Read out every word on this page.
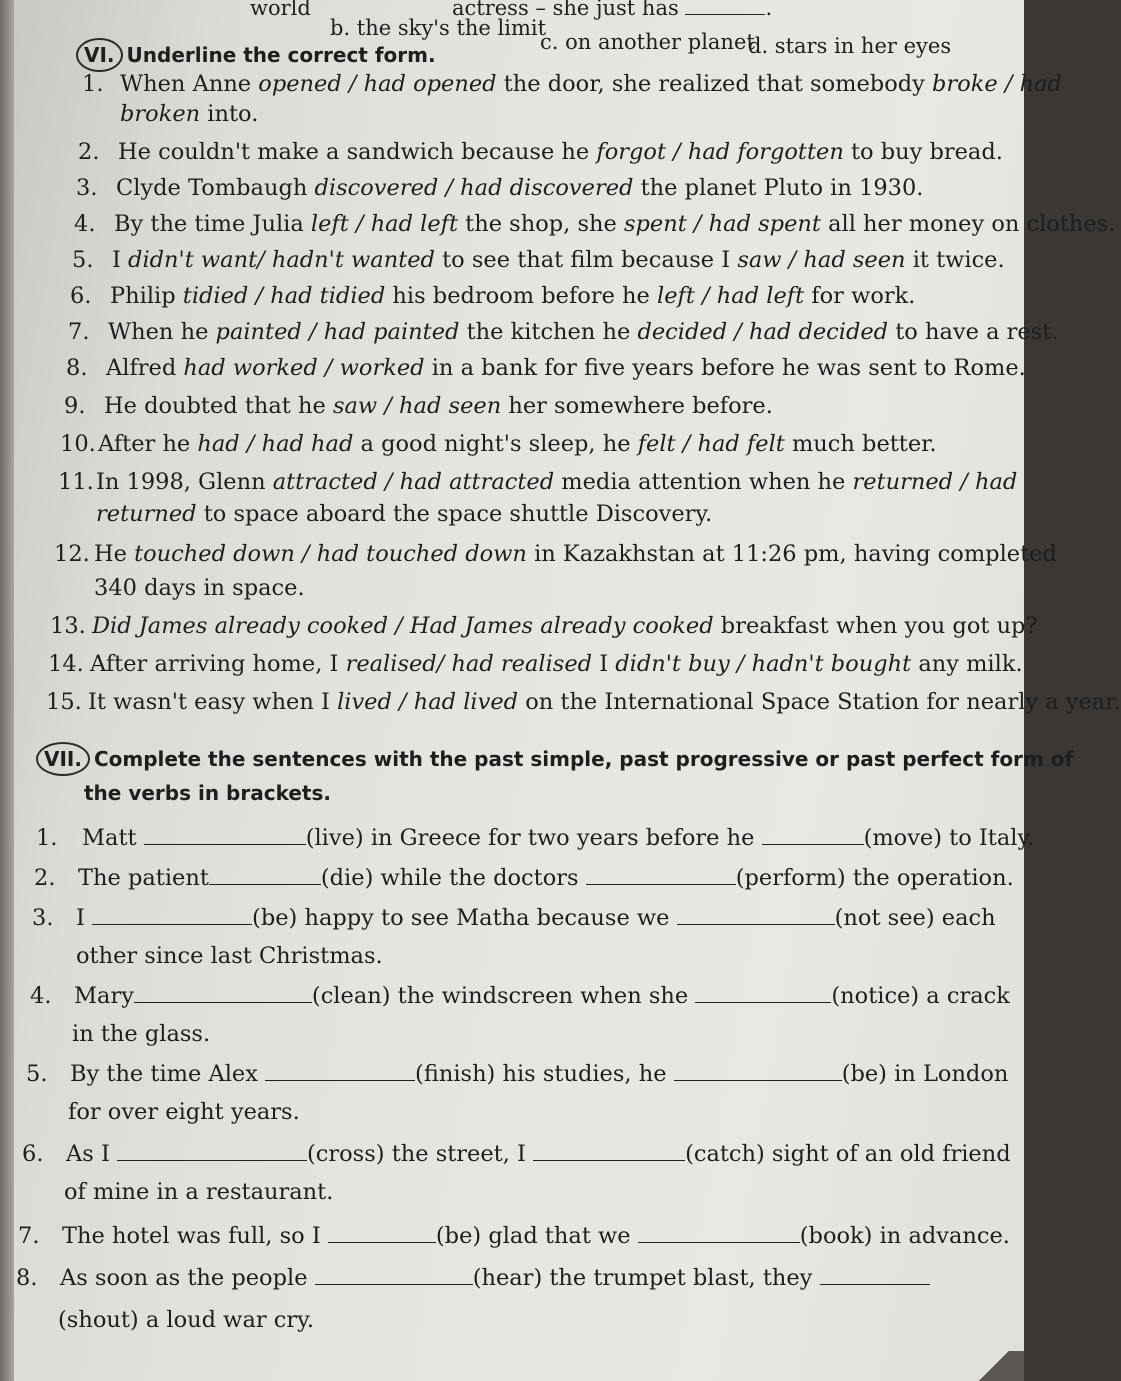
actress – she just has	.
world
b. the sky's the limit
c. on another planet
d. stars in her eyes
VI. Underline the correct form.
1. When Anne opened / had opened the door, she realized that somebody broke / had
broken into.
2. He couldn't make a sandwich because he forgot / had forgotten to buy bread.
3. Clyde Tombaugh discovered / had discovered the planet Pluto in 1930.
4. By the time Julia left / had left the shop, she spent / had spent all her money on clothes.
5. I didn't want/ hadn't wanted to see that film because I saw / had seen it twice.
6. Philip tidied / had tidied his bedroom before he left / had left for work.
7. When he painted / had painted the kitchen he decided / had decided to have a rest.
8. Alfred had worked / worked in a bank for five years before he was sent to Rome.
9. He doubted that he saw / had seen her somewhere before.
10.After he had / had had a good night's sleep, he felt / had felt much better.
11.In 1998, Glenn attracted / had attracted media attention when he returned / had
returned to space aboard the space shuttle Discovery.
12. He touched down / had touched down in Kazakhstan at 11:26 pm, having completed
340 days in space.
13. Did James already cooked / Had James already cooked breakfast when you got up?
14. After arriving home, I realised/ had realised I didn't buy / hadn't bought any milk.
15. It wasn't easy when I lived / had lived on the International Space Station for nearly a year.
VII. Complete the sentences with the past simple, past progressive or past perfect form of
the verbs in brackets.
1. Matt	(live) in Greece for two years before he	(move) to Italy.
2. The patient	(die) while the doctors	(perform) the operation.
3. I	(be) happy to see Matha because we	(not see) each
other since last Christmas.
4. Mary	(clean) the windscreen when she	(notice) a crack
in the glass.
5. By the time Alex	(finish) his studies, he	(be) in London
for over eight years.
6. As I	(cross) the street, I	(catch) sight of an old friend
of mine in a restaurant.
7. The hotel was full, so I	(be) glad that we	(book) in advance.
8. As soon as the people	(hear) the trumpet blast, they
(shout) a loud war cry.
